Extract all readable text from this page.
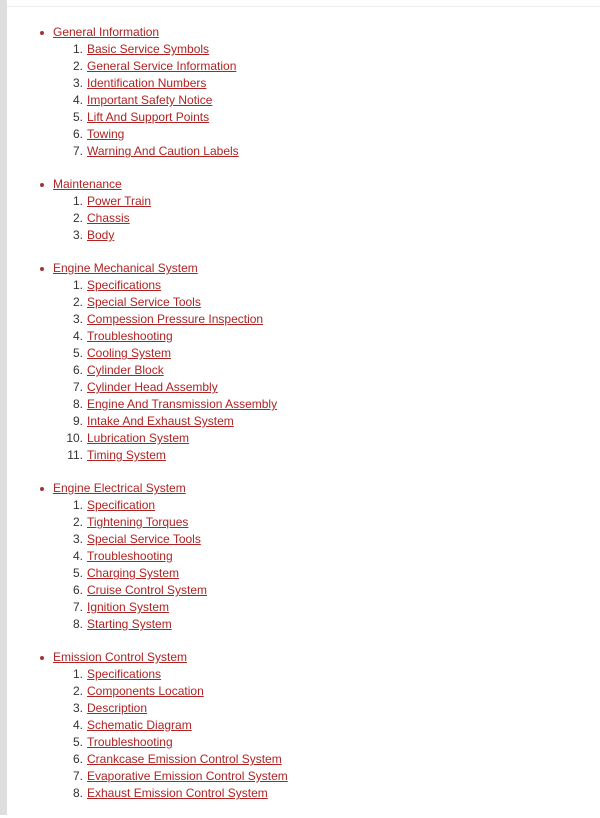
General Information
1. Basic Service Symbols
2. General Service Information
3. Identification Numbers
4. Important Safety Notice
5. Lift And Support Points
6. Towing
7. Warning And Caution Labels
Maintenance
1. Power Train
2. Chassis
3. Body
Engine Mechanical System
1. Specifications
2. Special Service Tools
3. Compession Pressure Inspection
4. Troubleshooting
5. Cooling System
6. Cylinder Block
7. Cylinder Head Assembly
8. Engine And Transmission Assembly
9. Intake And Exhaust System
10. Lubrication System
11. Timing System
Engine Electrical System
1. Specification
2. Tightening Torques
3. Special Service Tools
4. Troubleshooting
5. Charging System
6. Cruise Control System
7. Ignition System
8. Starting System
Emission Control System
1. Specifications
2. Components Location
3. Description
4. Schematic Diagram
5. Troubleshooting
6. Crankcase Emission Control System
7. Evaporative Emission Control System
8. Exhaust Emission Control System
